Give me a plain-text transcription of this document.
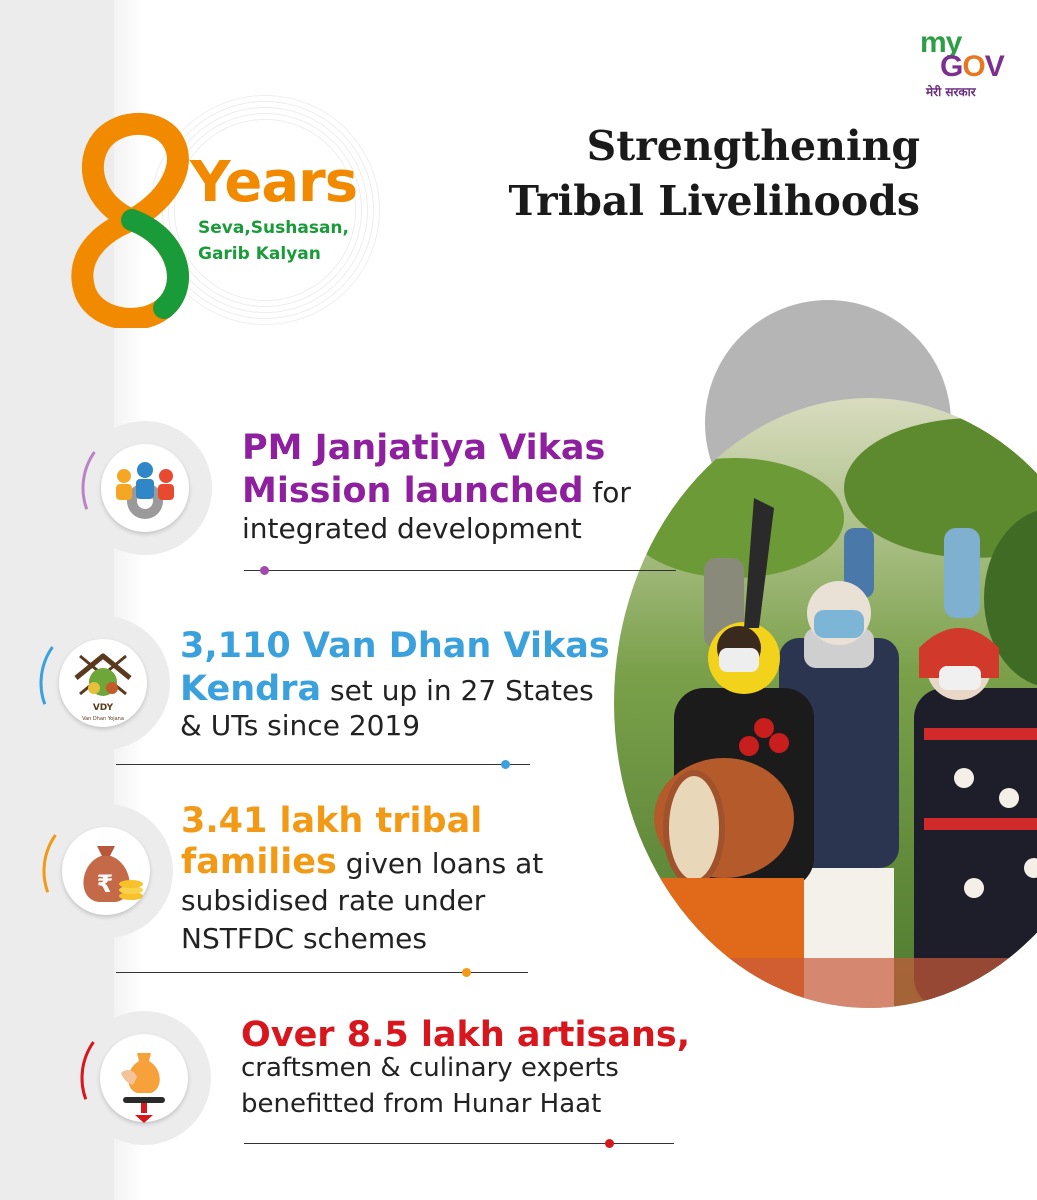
Years
Seva,Sushasan,
Garib Kalyan
my
GOV
मेरी सरकार
Strengthening
Tribal Livelihoods
PM Janjatiya Vikas
Mission launched for
integrated development
VDY
Van Dhan Yojana
3,110 Van Dhan Vikas
Kendra set up in 27 States
& UTs since 2019
₹
3.41 lakh tribal
families given loans at
subsidised rate under
NSTFDC schemes
Over 8.5 lakh artisans,
craftsmen & culinary experts
benefitted from Hunar Haat
